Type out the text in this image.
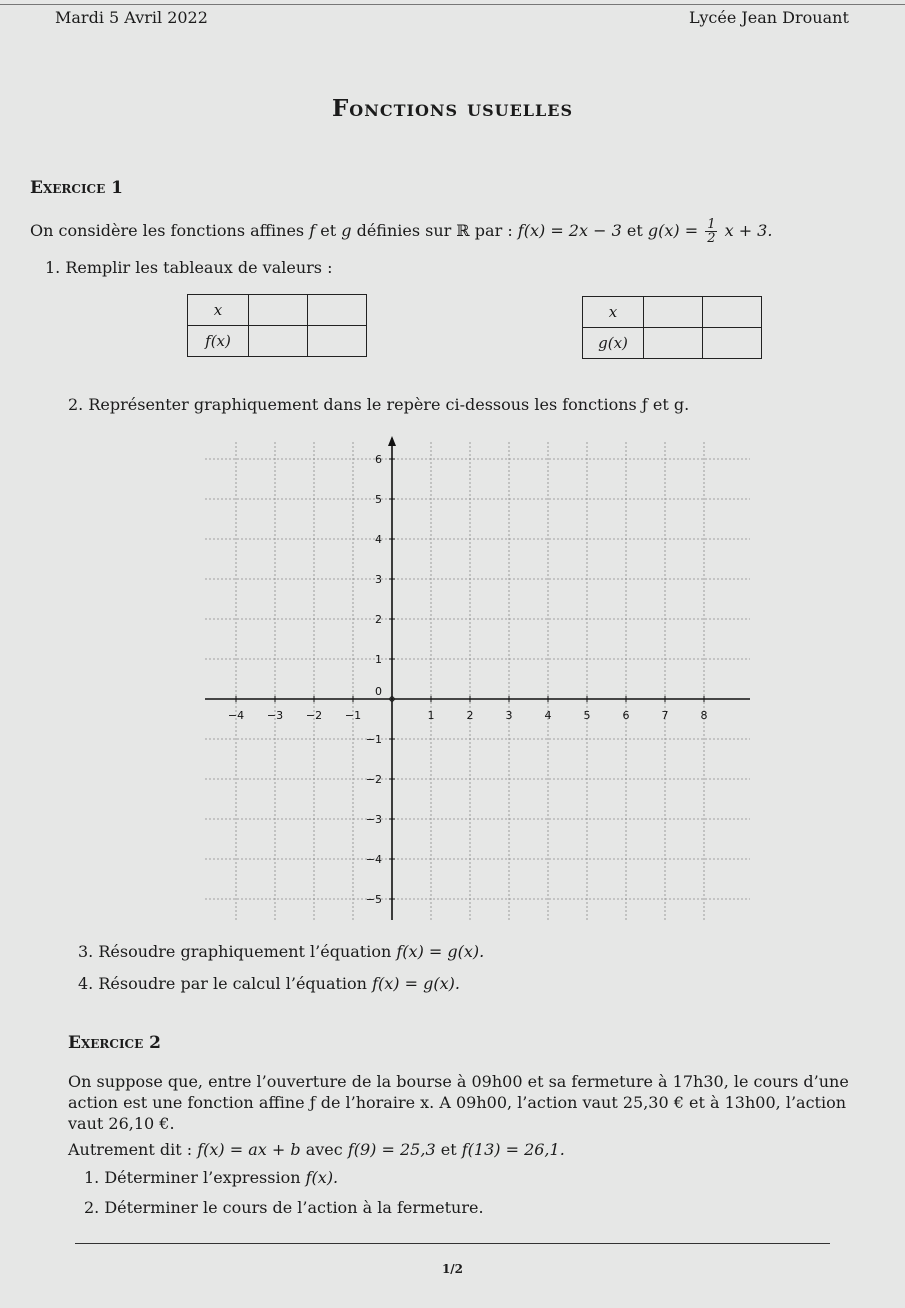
Mardi 5 Avril 2022	Lycée Jean Drouant
Fonctions usuelles
Exercice 1
On considère les fonctions affines f et g définies sur ℝ par : f(x) = 2x − 3 et $g(x) = \frac{1}{2}$ x + 3.
1. Remplir les tableaux de valeurs :
x		
f(x)		
x		
g(x)		
2. Représenter graphiquement dans le repère ci-dessous les fonctions ƒ et g.
−4 −3 −2 −1	1	2	3	4	5	6	7	8
6
5
4
3
2
1
0
−1
−2
−3
−4
−5
3. Résoudre graphiquement l’équation f(x) = g(x).
4. Résoudre par le calcul l’équation f(x) = g(x).
Exercice 2
On suppose que, entre l’ouverture de la bourse à 09h00 et sa fermeture à 17h30, le cours d’une
action est une fonction affine ƒ de l’horaire x. A 09h00, l’action vaut 25,30 € et à 13h00, l’action
vaut 26,10 €.
Autrement dit : f(x) = ax + b avec f(9) = 25,3 et f(13) = 26,1.
1. Déterminer l’expression f(x).
2. Déterminer le cours de l’action à la fermeture.
1/2
